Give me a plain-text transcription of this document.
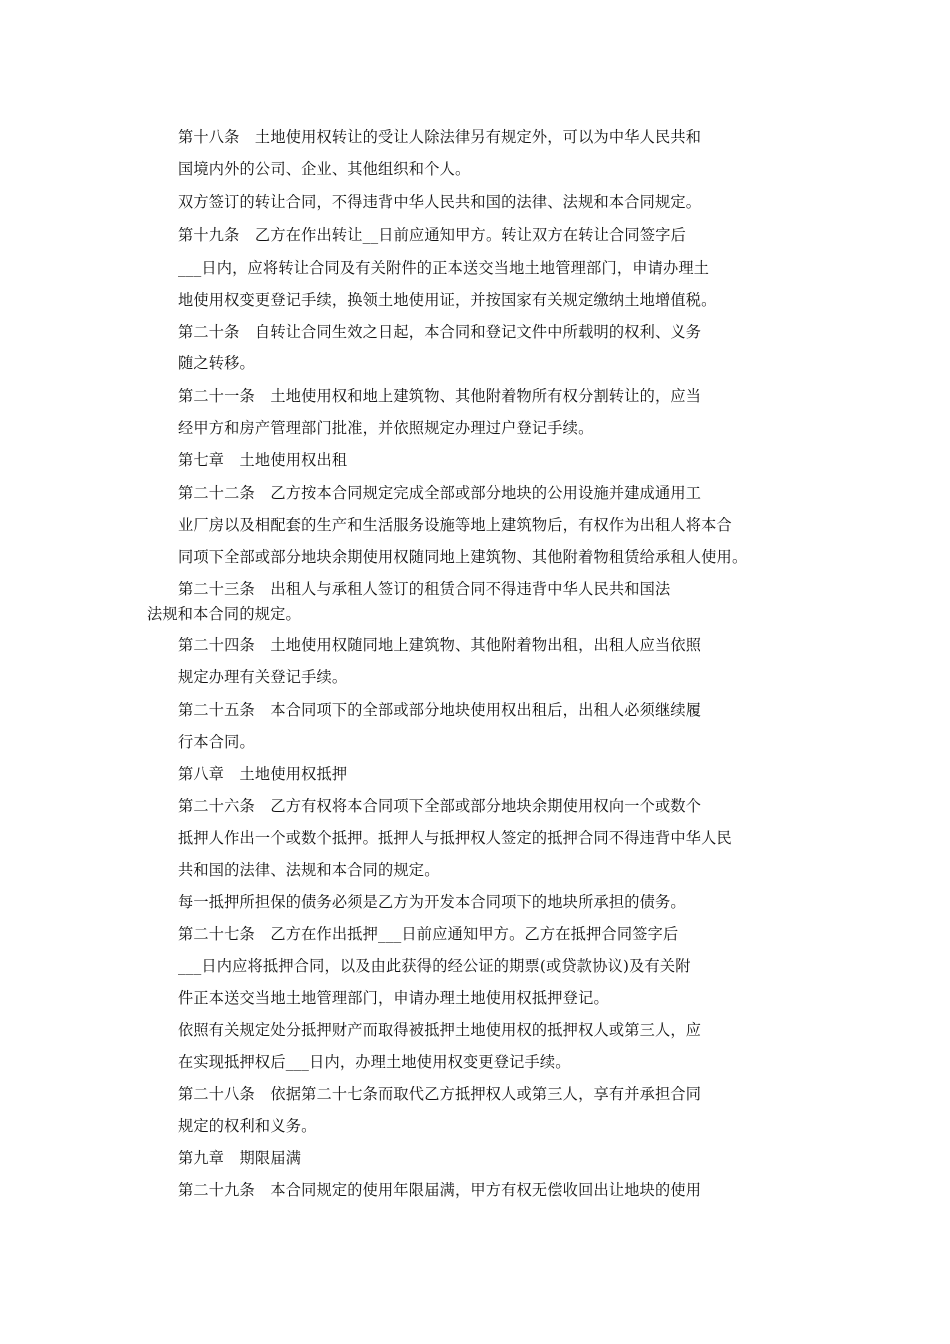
第十八条　土地使用权转让的受让人除法律另有规定外，可以为中华人民共和
国境内外的公司、企业、其他组织和个人。
双方签订的转让合同，不得违背中华人民共和国的法律、法规和本合同规定。
第十九条　乙方在作出转让__日前应通知甲方。转让双方在转让合同签字后
___日内，应将转让合同及有关附件的正本送交当地土地管理部门，申请办理土
地使用权变更登记手续，换领土地使用证，并按国家有关规定缴纳土地增值税。
第二十条　自转让合同生效之日起，本合同和登记文件中所载明的权利、义务
随之转移。
第二十一条　土地使用权和地上建筑物、其他附着物所有权分割转让的，应当
经甲方和房产管理部门批准，并依照规定办理过户登记手续。
第七章　土地使用权出租
第二十二条　乙方按本合同规定完成全部或部分地块的公用设施并建成通用工
业厂房以及相配套的生产和生活服务设施等地上建筑物后，有权作为出租人将本合
同项下全部或部分地块余期使用权随同地上建筑物、其他附着物租赁给承租人使用。
第二十三条　出租人与承租人签订的租赁合同不得违背中华人民共和国法
法规和本合同的规定。
第二十四条　土地使用权随同地上建筑物、其他附着物出租，出租人应当依照
规定办理有关登记手续。
第二十五条　本合同项下的全部或部分地块使用权出租后，出租人必须继续履
行本合同。
第八章　土地使用权抵押
第二十六条　乙方有权将本合同项下全部或部分地块余期使用权向一个或数个
抵押人作出一个或数个抵押。抵押人与抵押权人签定的抵押合同不得违背中华人民
共和国的法律、法规和本合同的规定。
每一抵押所担保的债务必须是乙方为开发本合同项下的地块所承担的债务。
第二十七条　乙方在作出抵押___日前应通知甲方。乙方在抵押合同签字后
___日内应将抵押合同，以及由此获得的经公证的期票(或贷款协议)及有关附
件正本送交当地土地管理部门，申请办理土地使用权抵押登记。
依照有关规定处分抵押财产而取得被抵押土地使用权的抵押权人或第三人，应
在实现抵押权后___日内，办理土地使用权变更登记手续。
第二十八条　依据第二十七条而取代乙方抵押权人或第三人，享有并承担合同
规定的权利和义务。
第九章　期限届满
第二十九条　本合同规定的使用年限届满，甲方有权无偿收回出让地块的使用
